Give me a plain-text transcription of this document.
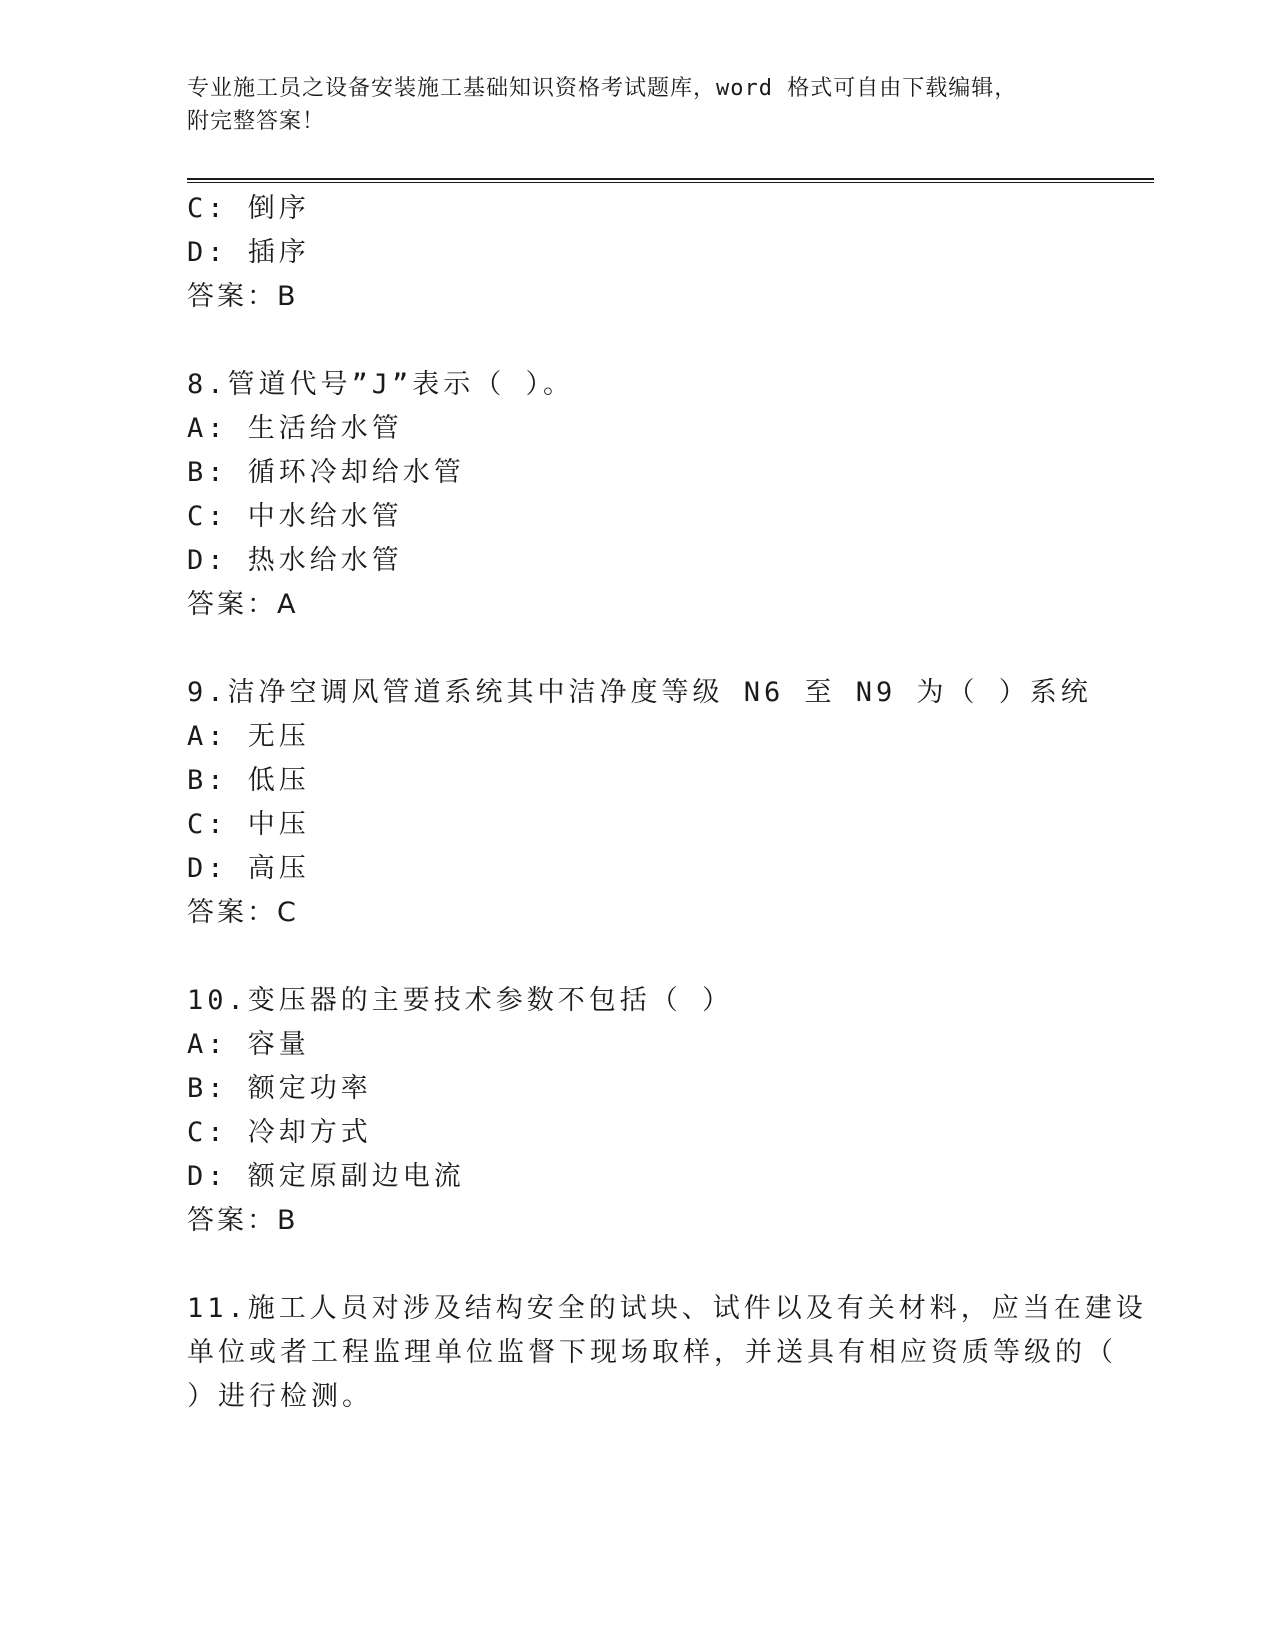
专业施工员之设备安装施工基础知识资格考试题库，word 格式可自由下载编辑，
附完整答案！
C: 倒序
D: 插序
答案：B
8.管道代号”J”表示（ ）。
A: 生活给水管
B: 循环冷却给水管
C: 中水给水管
D: 热水给水管
答案：A
9.洁净空调风管道系统其中洁净度等级 N6 至 N9 为（ ）系统
A: 无压
B: 低压
C: 中压
D: 高压
答案：C
10.变压器的主要技术参数不包括（ ）
A: 容量
B: 额定功率
C: 冷却方式
D: 额定原副边电流
答案：B
11.施工人员对涉及结构安全的试块、试件以及有关材料，应当在建设
单位或者工程监理单位监督下现场取样，并送具有相应资质等级的（
）进行检测。
